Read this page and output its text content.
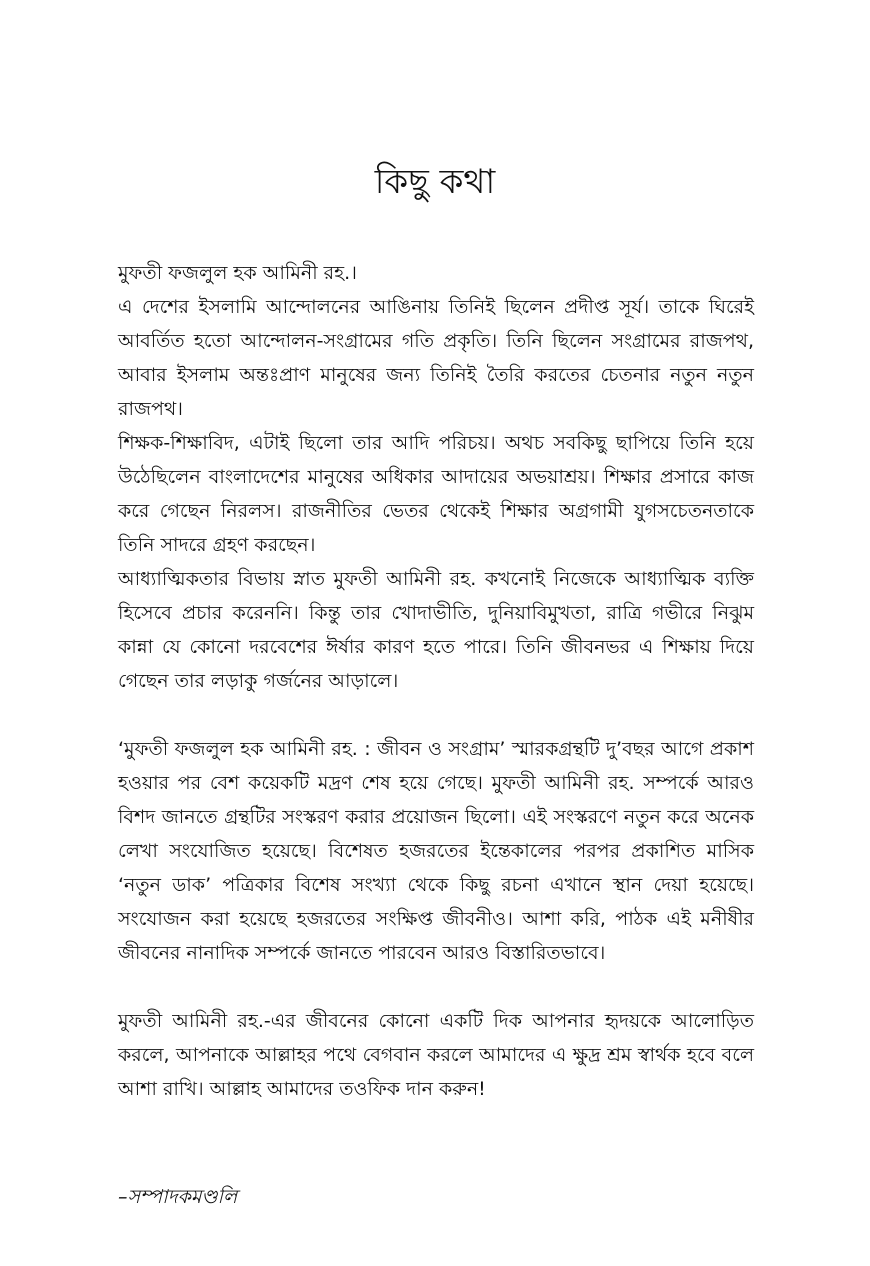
কিছু কথা

মুফতী ফজলুল হক আমিনী রহ.।

এ দেশের ইসলামি আন্দোলনের আঙিনায় তিনিই ছিলেন প্রদীপ্ত সূর্য। তাকে ঘিরেই আবর্তিত হতো আন্দোলন-সংগ্রামের গতি প্রকৃতি। তিনি ছিলেন সংগ্রামের রাজপথ, আবার ইসলাম অন্তঃপ্রাণ মানুষের জন্য তিনিই তৈরি করতের চেতনার নতুন নতুন রাজপথ।

শিক্ষক-শিক্ষাবিদ, এটাই ছিলো তার আদি পরিচয়। অথচ সবকিছু ছাপিয়ে তিনি হয়ে উঠেছিলেন বাংলাদেশের মানুষের অধিকার আদায়ের অভয়াশ্রয়। শিক্ষার প্রসারে কাজ করে গেছেন নিরলস। রাজনীতির ভেতর থেকেই শিক্ষার অগ্রগামী যুগসচেতনতাকে তিনি সাদরে গ্রহণ করছেন।

আধ্যাত্মিকতার বিভায় স্নাত মুফতী আমিনী রহ. কখনোই নিজেকে আধ্যাত্মিক ব্যক্তি হিসেবে প্রচার করেননি। কিন্তু তার খোদাভীতি, দুনিয়াবিমুখতা, রাত্রি গভীরে নিঝুম কান্না যে কোনো দরবেশের ঈর্ষার কারণ হতে পারে। তিনি জীবনভর এ শিক্ষায় দিয়ে গেছেন তার লড়াকু গর্জনের আড়ালে।

‘মুফতী ফজলুল হক আমিনী রহ. : জীবন ও সংগ্রাম’ স্মারকগ্রন্থটি দু’বছর আগে প্রকাশ হওয়ার পর বেশ কয়েকটি মদ্রণ শেষ হয়ে গেছে। মুফতী আমিনী রহ. সম্পর্কে আরও বিশদ জানতে গ্রন্থটির সংস্করণ করার প্রয়োজন ছিলো। এই সংস্করণে নতুন করে অনেক লেখা সংযোজিত হয়েছে। বিশেষত হজরতের ইন্তেকালের পরপর প্রকাশিত মাসিক ‘নতুন ডাক’ পত্রিকার বিশেষ সংখ্যা থেকে কিছু রচনা এখানে স্থান দেয়া হয়েছে। সংযোজন করা হয়েছে হজরতের সংক্ষিপ্ত জীবনীও। আশা করি, পাঠক এই মনীষীর জীবনের নানাদিক সম্পর্কে জানতে পারবেন আরও বিস্তারিতভাবে।

মুফতী আমিনী রহ.-এর জীবনের কোনো একটি দিক আপনার হৃদয়কে আলোড়িত করলে, আপনাকে আল্লাহর পথে বেগবান করলে আমাদের এ ক্ষুদ্র শ্রম স্বার্থক হবে বলে আশা রাখি। আল্লাহ আমাদের তওফিক দান করুন!

–সম্পাদকমণ্ডলি
